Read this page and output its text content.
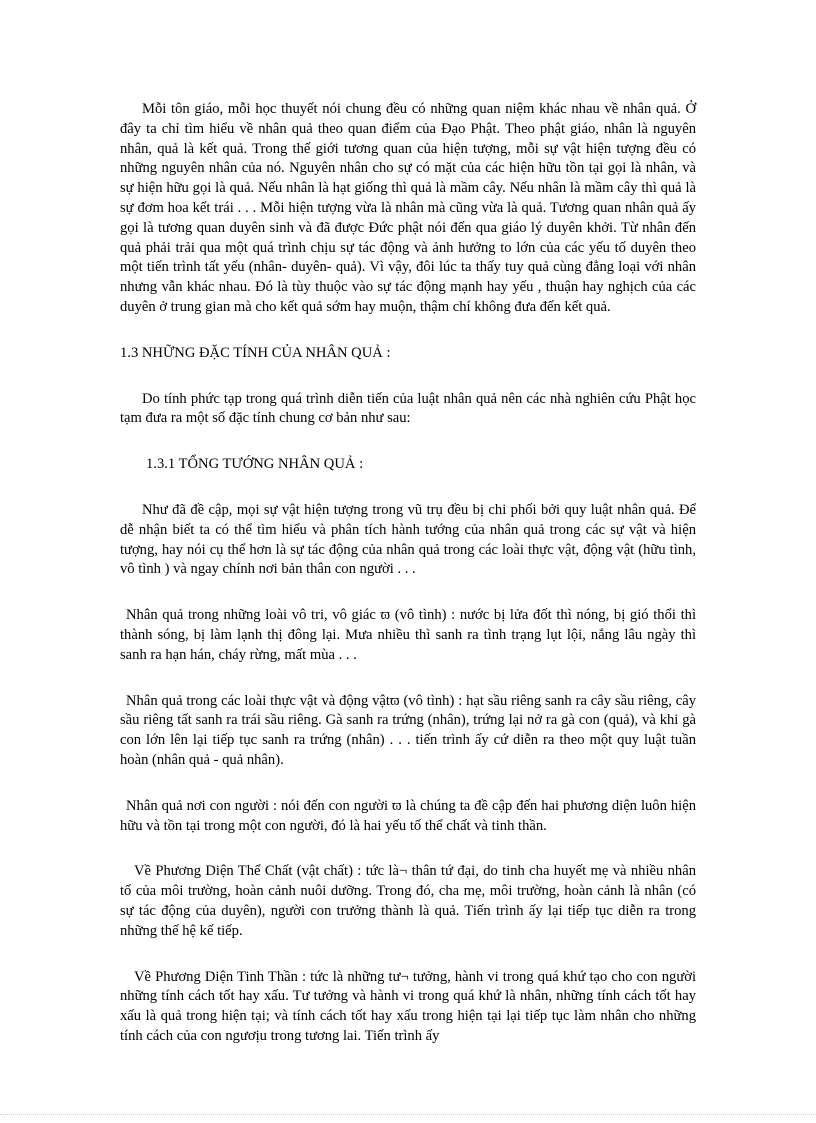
Mỗi tôn giáo, mỗi học thuyết nói chung đều có những quan niệm khác nhau về nhân quả. Ở đây ta chỉ tìm hiểu về nhân quả theo quan điểm của Đạo Phật. Theo phật giáo, nhân là nguyên nhân, quả là kết quả. Trong thế giới tương quan của hiện tượng, mỗi sự vật hiện tượng đều có những nguyên nhân của nó. Nguyên nhân cho sự có mặt của các hiện hữu tồn tại gọi là nhân, và sự hiện hữu gọi là quả. Nếu nhân là hạt giống thì quả là mầm cây. Nếu nhân là mầm cây thì quả là sự đơm hoa kết trái . . . Mỗi hiện tượng vừa là nhân mà cũng vừa là quả. Tương quan nhân quả ấy gọi là tương quan duyên sinh và đã được Đức phật nói đến qua giáo lý duyên khởi. Từ nhân đến quả phải trải qua một quá trình chịu sự tác động và ảnh hưởng to lớn của các yếu tố duyên theo một tiến trình tất yếu (nhân- duyên- quả). Vì vậy, đôi lúc ta thấy tuy quả cùng đẳng loại với nhân nhưng vẫn khác nhau. Đó là tùy thuộc vào sự tác động mạnh hay yếu , thuận hay nghịch của các duyên ở trung gian mà cho kết quả sớm hay muộn, thậm chí không đưa đến kết quả.

1.3 NHỮNG ĐẶC TÍNH CỦA NHÂN QUẢ :

Do tính phức tạp trong quá trình diễn tiến của luật nhân quả nên các nhà nghiên cứu Phật học tạm đưa ra một số đặc tính chung cơ bản như sau:

1.3.1 TỔNG TƯỚNG NHÂN QUẢ :

Như đã đề cập, mọi sự vật hiện tượng trong vũ trụ đều bị chi phối bởi quy luật nhân quả. Để dễ nhận biết ta có thể tìm hiểu và phân tích hành tướng của nhân quả trong các sự vật và hiện tượng, hay nói cụ thể hơn là sự tác động của nhân quả trong các loài thực vật, động vật (hữu tình, vô tình ) và ngay chính nơi bản thân con người . . .

Nhân quả trong những loài vô tri, vô giác ϖ (vô tình) : nước bị lửa đốt thì nóng, bị gió thổi thì thành sóng, bị làm lạnh thị đông lại. Mưa nhiều thì sanh ra tình trạng lụt lội, nắng lâu ngày thì sanh ra hạn hán, cháy rừng, mất mùa . . .

Nhân quả trong các loài thực vật và động vậtϖ (vô tình) : hạt sầu riêng sanh ra cây sầu riêng, cây sầu riêng tất sanh ra trái sầu riêng. Gà sanh ra trứng (nhân), trứng lại nở ra gà con (quả), và khi gà con lớn lên lại tiếp tục sanh ra trứng (nhân) . . . tiến trình ấy cứ diễn ra theo một quy luật tuần hoàn (nhân quả - quả nhân).

Nhân quả nơi con người : nói đến con người ϖ là chúng ta đề cập đến hai phương diện luôn hiện hữu và tồn tại trong một con người, đó là hai yếu tố thể chất và tinh thần.

Về Phương Diện Thể Chất (vật chất) : tức là¬ thân tứ đại, do tinh cha huyết mẹ và nhiều nhân tố của môi trường, hoàn cảnh nuôi dưỡng. Trong đó, cha mẹ, môi trường, hoàn cảnh là nhân (có sự tác động của duyên), người con trưởng thành là quả. Tiến trình ấy lại tiếp tục diễn ra trong những thế hệ kế tiếp.

Về Phương Diện Tinh Thần : tức là những tư¬ tưởng, hành vi trong quá khứ tạo cho con người những tính cách tốt hay xấu. Tư tưởng và hành vi trong quá khứ là nhân, những tính cách tốt hay xấu là quả trong hiện tại; và tính cách tốt hay xấu trong hiện tại lại tiếp tục làm nhân cho những tính cách của con ngươịu trong tương lai. Tiến trình ấy
